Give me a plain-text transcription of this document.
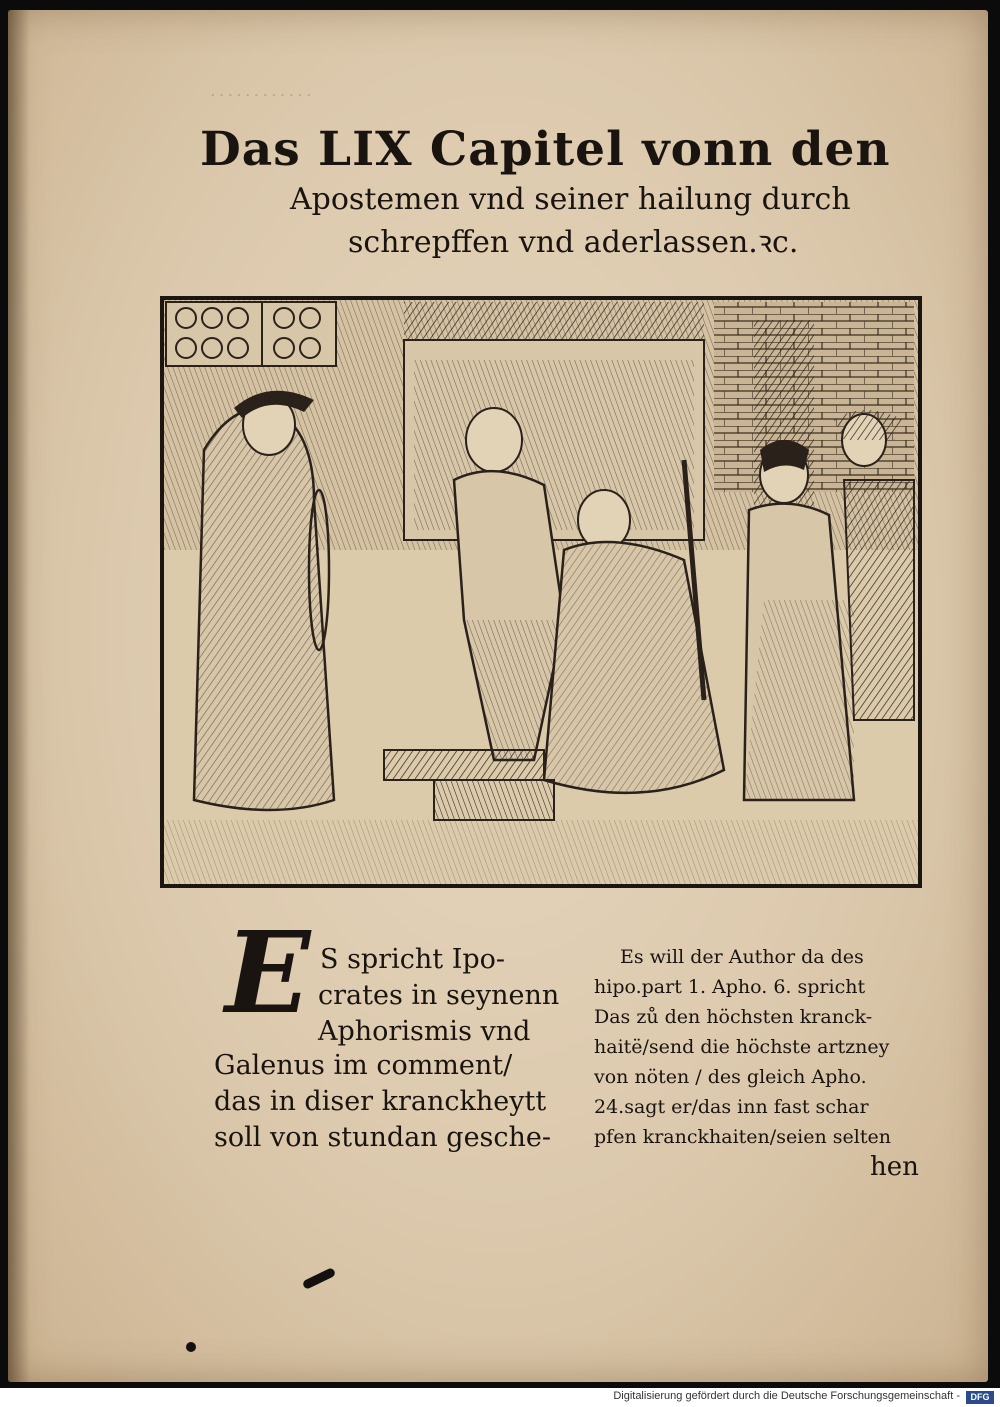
............
Das LIX Capitel vonn den
Apostemen vnd seiner hailung durch
schrepffen vnd aderlassen.ꝛc.
E S spricht Ipo-
crates in seynenn
Aphorismis vnd
Galenus im comment/
das in diser kranckheytt
soll von stundan gesche-
Es will der Author da des
hipo.part 1. Apho. 6. spricht
Das zů den höchsten kranck-
haitë/send die höchste artzney
von nöten / des gleich Apho.
24.sagt er/das inn fast schar
pfen kranckhaiten/seien selten
hen
Digitalisierung gefördert durch die Deutsche Forschungsgemeinschaft -	DFG
